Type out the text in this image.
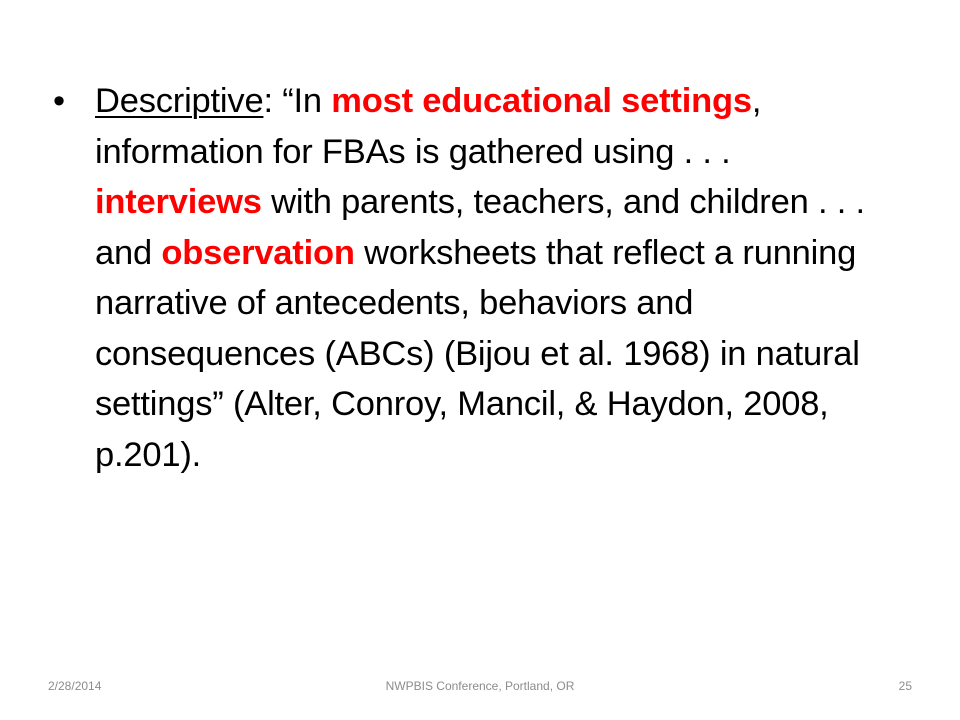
• Descriptive: “In most educational settings, information for FBAs is gathered using . . . interviews with parents, teachers, and children . . . and observation worksheets that reflect a running narrative of antecedents, behaviors and consequences (ABCs) (Bijou et al. 1968) in natural settings” (Alter, Conroy, Mancil, & Haydon, 2008, p.201).
2/28/2014	NWPBIS Conference, Portland, OR	25
